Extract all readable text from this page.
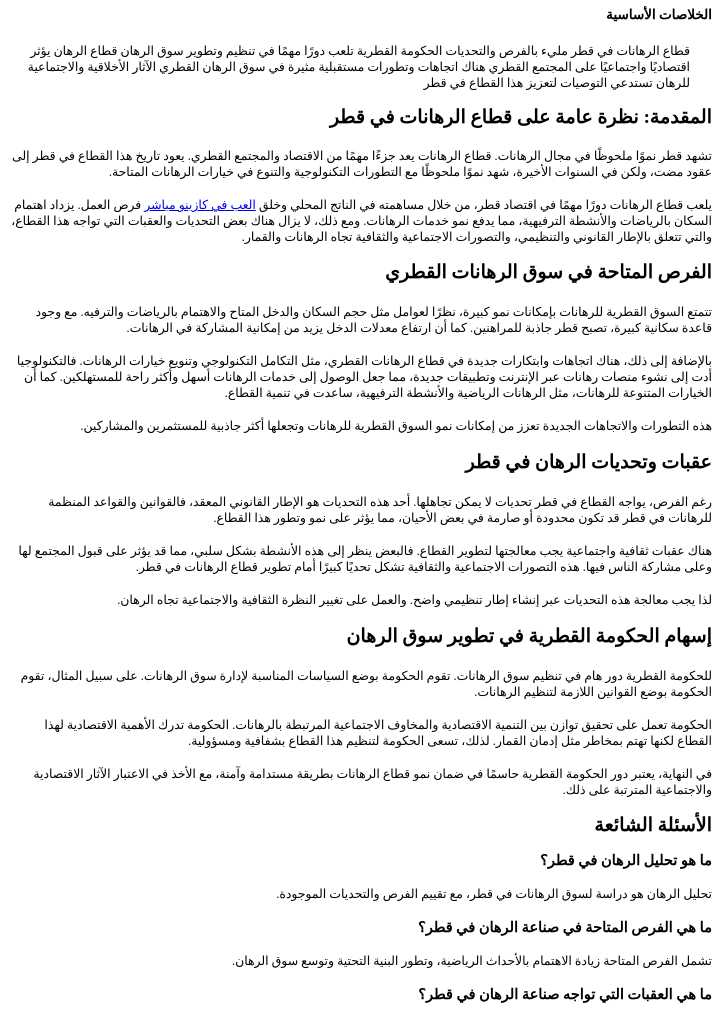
الخلاصات الأساسية

قطاع الرهانات في قطر مليء بالفرص والتحديات الحكومة القطرية تلعب دورًا مهمًا في تنظيم وتطوير سوق الرهان قطاع الرهان يؤثر اقتصاديًا واجتماعيًا على المجتمع القطري هناك اتجاهات وتطورات مستقبلية مثيرة في سوق الرهان القطري الآثار الأخلاقية والاجتماعية للرهان تستدعي التوصيات لتعزيز هذا القطاع في قطر

المقدمة: نظرة عامة على قطاع الرهانات في قطر

تشهد قطر نموًا ملحوظًا في مجال الرهانات. قطاع الرهانات يعد جزءًا مهمًا من الاقتصاد والمجتمع القطري. يعود تاريخ هذا القطاع في قطر إلى عقود مضت، ولكن في السنوات الأخيرة، شهد نموًا ملحوظًا مع التطورات التكنولوجية والتنوع في خيارات الرهانات المتاحة.

يلعب قطاع الرهانات دورًا مهمًا في اقتصاد قطر، من خلال مساهمته في الناتج المحلي وخلق العب في كازينو مباشر فرص العمل. يزداد اهتمام السكان بالرياضات والأنشطة الترفيهية، مما يدفع نمو خدمات الرهانات. ومع ذلك، لا يزال هناك بعض التحديات والعقبات التي تواجه هذا القطاع، والتي تتعلق بالإطار القانوني والتنظيمي، والتصورات الاجتماعية والثقافية تجاه الرهانات والقمار.

الفرص المتاحة في سوق الرهانات القطري

تتمتع السوق القطرية للرهانات بإمكانات نمو كبيرة، نظرًا لعوامل مثل حجم السكان والدخل المتاح والاهتمام بالرياضات والترفيه. مع وجود قاعدة سكانية كبيرة، تصبح قطر جاذبة للمراهنين. كما أن ارتفاع معدلات الدخل يزيد من إمكانية المشاركة في الرهانات.

بالإضافة إلى ذلك، هناك اتجاهات وابتكارات جديدة في قطاع الرهانات القطري، مثل التكامل التكنولوجي وتنويع خيارات الرهانات. فالتكنولوجيا أدت إلى نشوء منصات رهانات عبر الإنترنت وتطبيقات جديدة، مما جعل الوصول إلى خدمات الرهانات أسهل وأكثر راحة للمستهلكين. كما أن الخيارات المتنوعة للرهانات، مثل الرهانات الرياضية والأنشطة الترفيهية، ساعدت في تنمية القطاع.

هذه التطورات والاتجاهات الجديدة تعزز من إمكانات نمو السوق القطرية للرهانات وتجعلها أكثر جاذبية للمستثمرين والمشاركين.

عقبات وتحديات الرهان في قطر

رغم الفرص، يواجه القطاع في قطر تحديات لا يمكن تجاهلها. أحد هذه التحديات هو الإطار القانوني المعقد، فالقوانين والقواعد المنظمة للرهانات في قطر قد تكون محدودة أو صارمة في بعض الأحيان، مما يؤثر على نمو وتطور هذا القطاع.

هناك عقبات ثقافية واجتماعية يجب معالجتها لتطوير القطاع. فالبعض ينظر إلى هذه الأنشطة بشكل سلبي، مما قد يؤثر على قبول المجتمع لها وعلى مشاركة الناس فيها. هذه التصورات الاجتماعية والثقافية تشكل تحديًا كبيرًا أمام تطوير قطاع الرهانات في قطر.

لذا يجب معالجة هذه التحديات عبر إنشاء إطار تنظيمي واضح. والعمل على تغيير النظرة الثقافية والاجتماعية تجاه الرهان.

إسهام الحكومة القطرية في تطوير سوق الرهان

للحكومة القطرية دور هام في تنظيم سوق الرهانات. تقوم الحكومة بوضع السياسات المناسبة لإدارة سوق الرهانات. على سبيل المثال، تقوم الحكومة بوضع القوانين اللازمة لتنظيم الرهانات.

الحكومة تعمل على تحقيق توازن بين التنمية الاقتصادية والمخاوف الاجتماعية المرتبطة بالرهانات. الحكومة تدرك الأهمية الاقتصادية لهذا القطاع لكنها تهتم بمخاطر مثل إدمان القمار. لذلك، تسعى الحكومة لتنظيم هذا القطاع بشفافية ومسؤولية.

في النهاية، يعتبر دور الحكومة القطرية حاسمًا في ضمان نمو قطاع الرهانات بطريقة مستدامة وآمنة، مع الأخذ في الاعتبار الآثار الاقتصادية والاجتماعية المترتبة على ذلك.

الأسئلة الشائعة
ما هو تحليل الرهان في قطر؟

تحليل الرهان هو دراسة لسوق الرهانات في قطر، مع تقييم الفرص والتحديات الموجودة.

ما هي الفرص المتاحة في صناعة الرهان في قطر؟

تشمل الفرص المتاحة زيادة الاهتمام بالأحداث الرياضية، وتطور البنية التحتية وتوسع سوق الرهان.

ما هي العقبات التي تواجه صناعة الرهان في قطر؟
